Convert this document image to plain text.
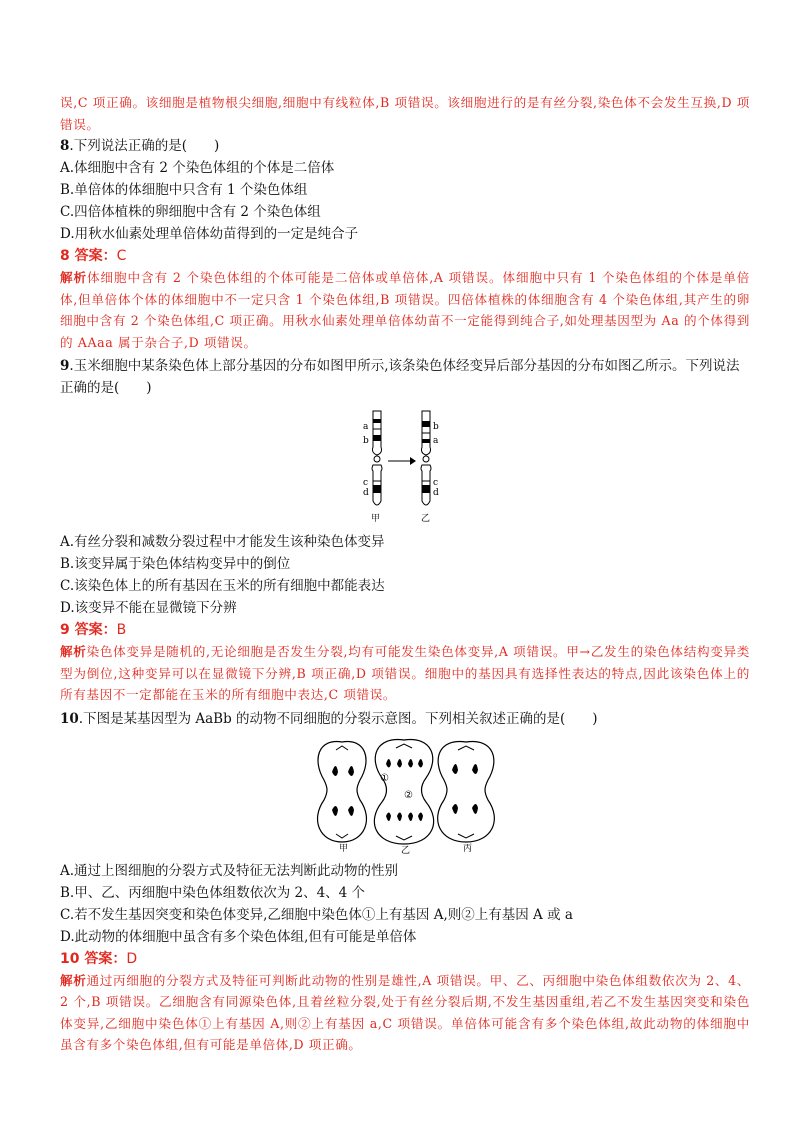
误,C 项正确。该细胞是植物根尖细胞,细胞中有线粒体,B 项错误。该细胞进行的是有丝分裂,染色体不会发生互换,D 项错误。

8.下列说法正确的是(　　)

A.体细胞中含有 2 个染色体组的个体是二倍体

B.单倍体的体细胞中只含有 1 个染色体组

C.四倍体植株的卵细胞中含有 2 个染色体组

D.用秋水仙素处理单倍体幼苗得到的一定是纯合子

8 答案：C

解析体细胞中含有 2 个染色体组的个体可能是二倍体或单倍体,A 项错误。体细胞中只有 1 个染色体组的个体是单倍体,但单倍体个体的体细胞中不一定只含 1 个染色体组,B 项错误。四倍体植株的体细胞含有 4 个染色体组,其产生的卵细胞中含有 2 个染色体组,C 项正确。用秋水仙素处理单倍体幼苗不一定能得到纯合子,如处理基因型为 Aa 的个体得到的 AAaa 属于杂合子,D 项错误。

9.玉米细胞中某条染色体上部分基因的分布如图甲所示,该条染色体经变异后部分基因的分布如图乙所示。下列说法正确的是(　　)

a
b
c
d
甲
b
a
c
d
乙

A.有丝分裂和减数分裂过程中才能发生该种染色体变异

B.该变异属于染色体结构变异中的倒位

C.该染色体上的所有基因在玉米的所有细胞中都能表达

D.该变异不能在显微镜下分辨

9 答案：B

解析染色体变异是随机的,无论细胞是否发生分裂,均有可能发生染色体变异,A 项错误。甲→乙发生的染色体结构变异类型为倒位,这种变异可以在显微镜下分辨,B 项正确,D 项错误。细胞中的基因具有选择性表达的特点,因此该染色体上的所有基因不一定都能在玉米的所有细胞中表达,C 项错误。

10.下图是某基因型为 AaBb 的动物不同细胞的分裂示意图。下列相关叙述正确的是(　　)

甲
①
②
乙	丙

A.通过上图细胞的分裂方式及特征无法判断此动物的性别

B.甲、乙、丙细胞中染色体组数依次为 2、4、4 个

C.若不发生基因突变和染色体变异,乙细胞中染色体①上有基因 A,则②上有基因 A 或 a

D.此动物的体细胞中虽含有多个染色体组,但有可能是单倍体

10 答案：D

解析通过丙细胞的分裂方式及特征可判断此动物的性别是雄性,A 项错误。甲、乙、丙细胞中染色体组数依次为 2、4、2 个,B 项错误。乙细胞含有同源染色体,且着丝粒分裂,处于有丝分裂后期,不发生基因重组,若乙不发生基因突变和染色体变异,乙细胞中染色体①上有基因 A,则②上有基因 a,C 项错误。单倍体可能含有多个染色体组,故此动物的体细胞中虽含有多个染色体组,但有可能是单倍体,D 项正确。
